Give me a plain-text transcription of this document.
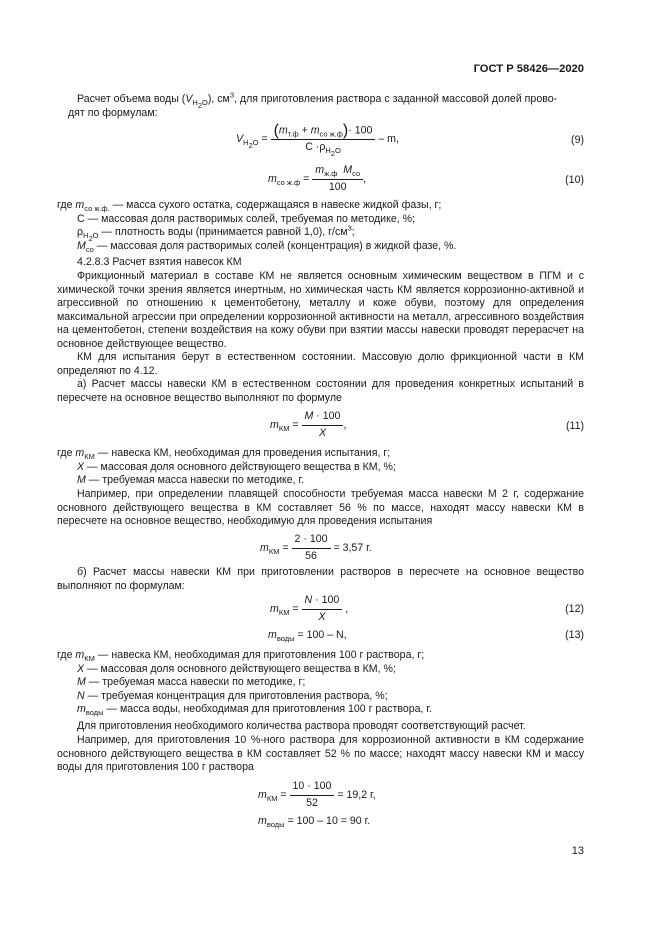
ГОСТ Р 58426—2020

Расчет объема воды $(V_{H_2O})$, $см^3$, для приготовления раствора с заданной массовой долей прово-
дят по формулам:

$V_{H_2O} = \frac{(m_{т.ф} + m_{со ж.ф})\cdot 100}{C \cdot\rho_{H_2O}} - m$,	(9)
$m_{со ж.ф} = \frac{m_{ж.ф} M_{со}}{100}$ ,	(10)
где $m_{со ж.ф.}$ — масса сухого остатка, содержащаяся в навеске жидкой фазы, г;
С — массовая доля растворимых солей, требуемая по методике, %;
$\rho_{H_2O}$ — плотность воды (принимается равной 1,0), $г/см^3$;
$M_{со}$ — массовая доля растворимых солей (концентрация) в жидкой фазе, %.
4.2.8.3 Расчет взятия навесок КМ

Фрикционный материал в составе КМ не является основным химическим веществом в ПГМ и с химической точки зрения является инертным, но химическая часть КМ является коррозионно-активной и агрессивной по отношению к цементобетону, металлу и коже обуви, поэтому для определения максимальной агрессии при определении коррозионной активности на металл, агрессивного воздействия на цементобетон, степени воздействия на кожу обуви при взятии массы навески проводят перерасчет на основное действующее вещество.

КМ для испытания берут в естественном состоянии. Массовую долю фрикционной части в КМ определяют по 4.12.

а) Расчет массы навески КМ в естественном состоянии для проведения конкретных испытаний в пересчете на основное вещество выполняют по формуле

$m_{КМ} = \frac{M \cdot 100}{X}$ ,	(11)
где $m_{КМ}$ — навеска КМ, необходимая для проведения испытания, г;
X — массовая доля основного действующего вещества в КМ, %;
M — требуемая масса навески по методике, г.

Например, при определении плавящей способности требуемая масса навески M 2 г, содержание основного действующего вещества в КМ составляет 56 % по массе, находят массу навески КМ в пересчете на основное вещество, необходимую для проведения испытания

$m_{КМ} = \frac{2 \cdot 100}{56} = 3,57$ г.

б) Расчет массы навески КМ при приготовлении растворов в пересчете на основное вещество выполняют по формулам:

$m_{КМ} = \frac{N \cdot 100}{X}$ ,	(12)
$m_{воды} = 100 - N$,	(13)
где $m_{КМ}$ — навеска КМ, необходимая для приготовления 100 г раствора, г;
X — массовая доля основного действующего вещества в КМ, %;
M — требуемая масса навески по методике, г;
N — требуемая концентрация для приготовления раствора, %;
$m_{воды}$ — масса воды, необходимая для приготовления 100 г раствора, г.

Для приготовления необходимого количества раствора проводят соответствующий расчет.

Например, для приготовления 10 %-ного раствора для коррозионной активности в КМ содержание основного действующего вещества в КМ составляет 52 % по массе; находят массу навески КМ и массу воды для приготовления 100 г раствора

$m_{КМ} = \frac{10 \cdot 100}{52} = 19,2$ г,
$m_{воды} = 100 - 10 = 90$ г.
13
